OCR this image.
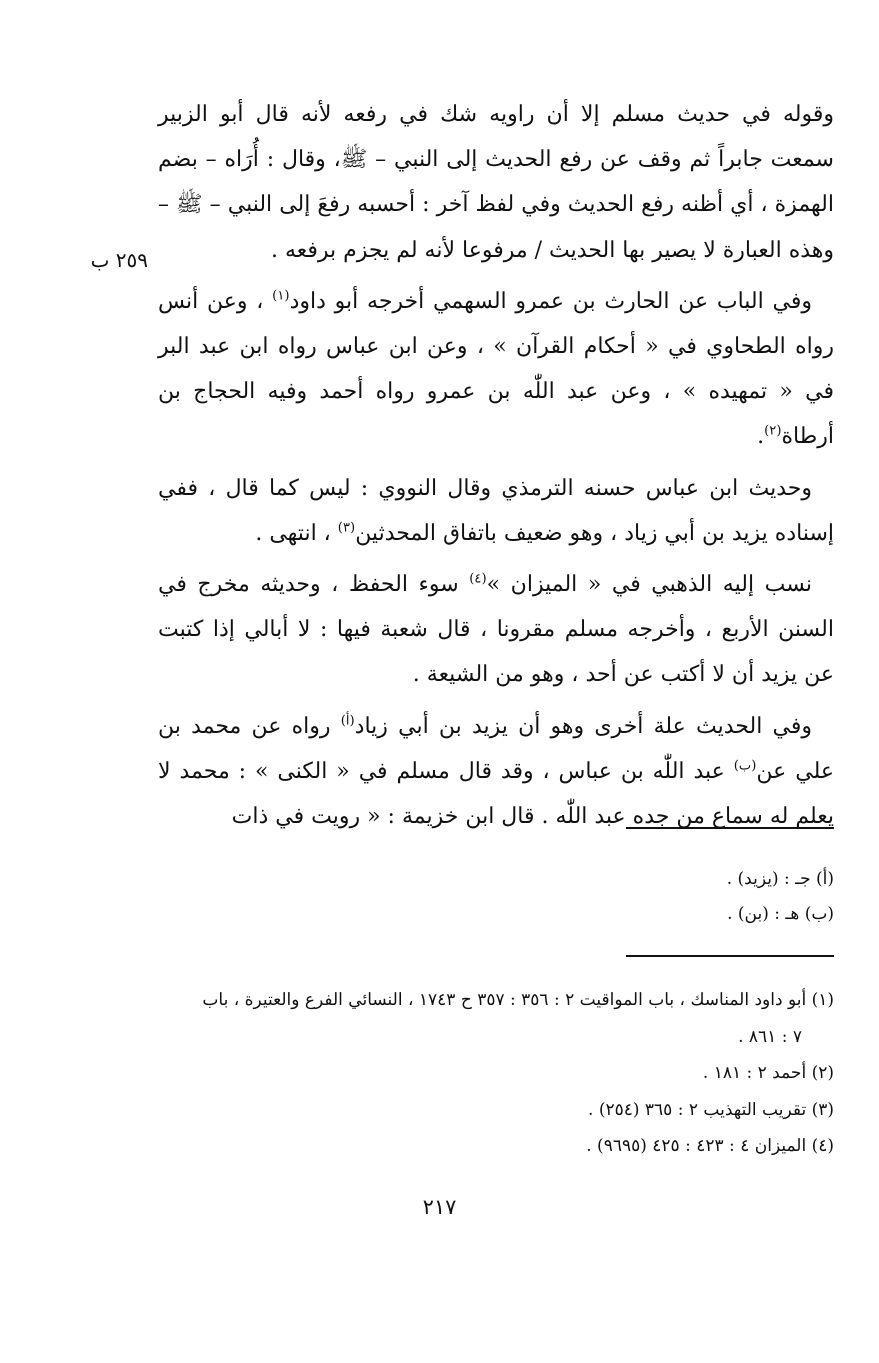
وقوله في حديث مسلم إلا أن راويه شك في رفعه لأنه قال أبو الزبير سمعت جابراً ثم وقف عن رفع الحديث إلى النبي – ﷺ، وقال : أُرَاه – بضم الهمزة ، أي أظنه رفع الحديث وفي لفظ آخر : أحسبه رفعَ إلى النبي – ﷺ – وهذه العبارة لا يصير بها الحديث / مرفوعا لأنه لم يجزم برفعه .

وفي الباب عن الحارث بن عمرو السهمي أخرجه أبو داود$^{(١)}$ ، وعن أنس رواه الطحاوي في « أحكام القرآن » ، وعن ابن عباس رواه ابن عبد البر في « تمهيده » ، وعن عبد اللّٰه بن عمرو رواه أحمد وفيه الحجاج بن أرطاة$^{(٢)}$.

وحديث ابن عباس حسنه الترمذي وقال النووي : ليس كما قال ، ففي إسناده يزيد بن أبي زياد ، وهو ضعيف باتفاق المحدثين$^{(٣)}$ ، انتهى .

نسب إليه الذهبي في « الميزان »$^{(٤)}$ سوء الحفظ ، وحديثه مخرج في السنن الأربع ، وأخرجه مسلم مقرونا ، قال شعبة فيها : لا أبالي إذا كتبت عن يزيد أن لا أكتب عن أحد ، وهو من الشيعة .

وفي الحديث علة أخرى وهو أن يزيد بن أبي زياد$^{(أ)}$ رواه عن محمد بن علي عن$^{(ب)}$ عبد اللّٰه بن عباس ، وقد قال مسلم في « الكنى » : محمد لا يعلم له سماع من جده عبد اللّٰه . قال ابن خزيمة : « رويت في ذات

٢٥٩ ب
(أ) جـ : (يزيد) .
(ب) هـ : (بن) .
(١) أبو داود المناسك ، باب المواقيت ٢ : ٣٥٦ : ٣٥٧ ح ١٧٤٣ ، النسائي الفرع والعتيرة ، باب
٧ : ٨٦١ .
(٢) أحمد ٢ : ١٨١ .
(٣) تقريب التهذيب ٢ : ٣٦٥ (٢٥٤) .
(٤) الميزان ٤ : ٤٢٣ : ٤٢٥ (٩٦٩٥) .
٢١٧
